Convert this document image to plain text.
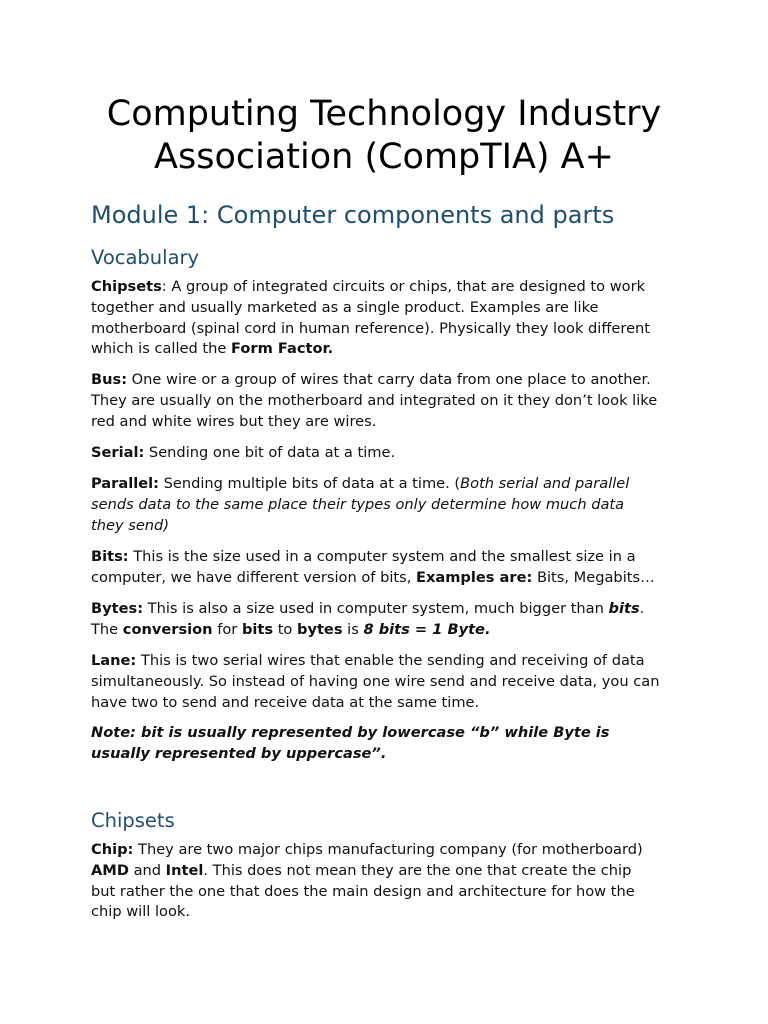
Computing Technology Industry
Association (CompTIA) A+
Module 1: Computer components and parts
Vocabulary

Chipsets: A group of integrated circuits or chips, that are designed to work
together and usually marketed as a single product. Examples are like
motherboard (spinal cord in human reference). Physically they look different
which is called the Form Factor.

Bus: One wire or a group of wires that carry data from one place to another.
They are usually on the motherboard and integrated on it they don’t look like
red and white wires but they are wires.

Serial: Sending one bit of data at a time.

Parallel: Sending multiple bits of data at a time. (Both serial and parallel
sends data to the same place their types only determine how much data
they send)

Bits: This is the size used in a computer system and the smallest size in a
computer, we have different version of bits, Examples are: Bits, Megabits…

Bytes: This is also a size used in computer system, much bigger than bits.
The conversion for bits to bytes is 8 bits = 1 Byte.

Lane: This is two serial wires that enable the sending and receiving of data
simultaneously. So instead of having one wire send and receive data, you can
have two to send and receive data at the same time.

Note: bit is usually represented by lowercase “b” while Byte is
usually represented by uppercase”.

Chipsets

Chip: They are two major chips manufacturing company (for motherboard)
AMD and Intel. This does not mean they are the one that create the chip
but rather the one that does the main design and architecture for how the
chip will look.
